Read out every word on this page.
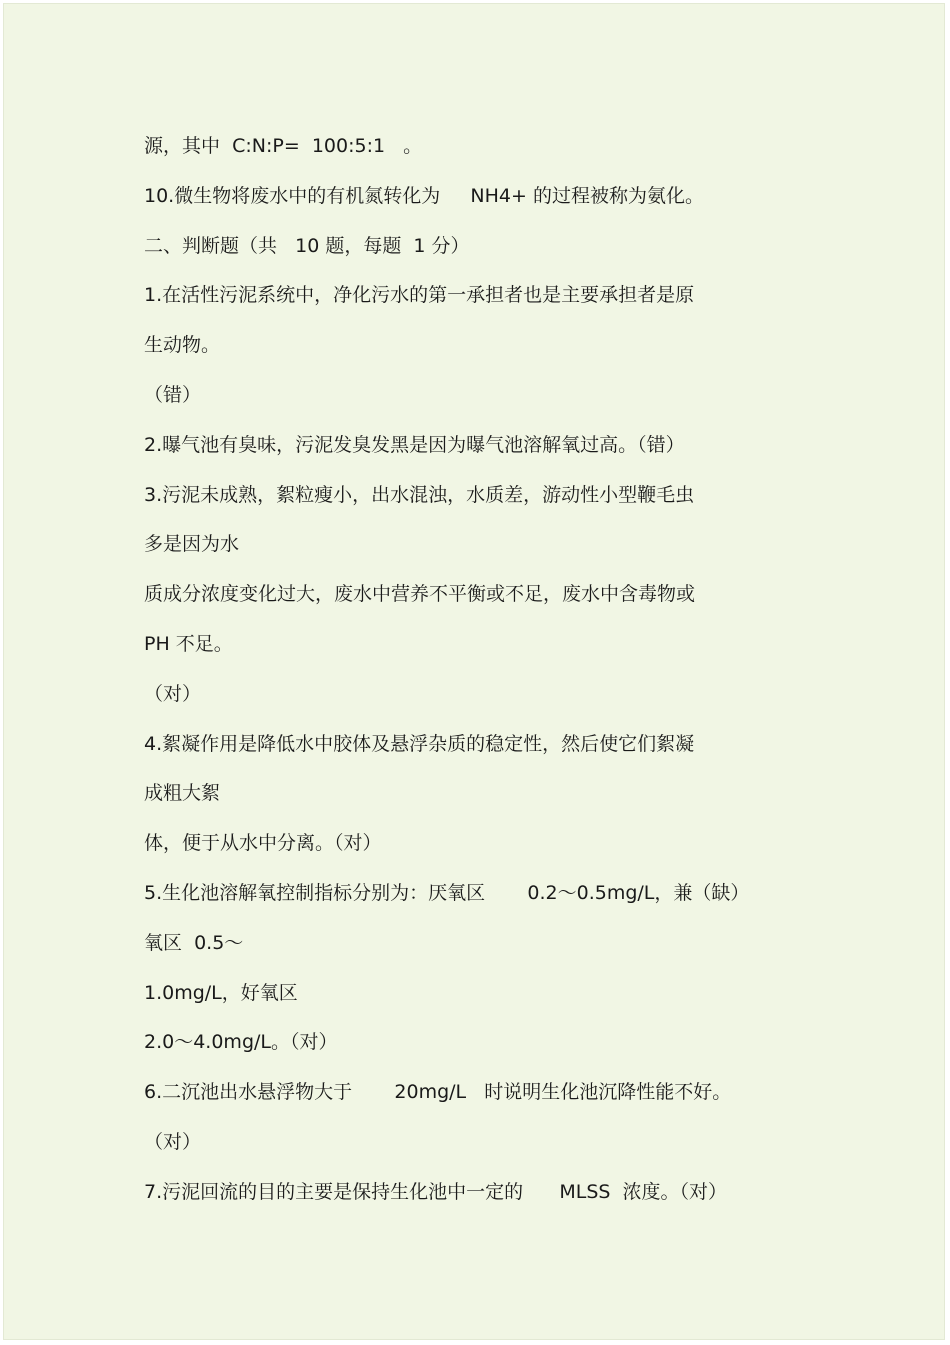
源，其中  C:N:P=  100:5:1   。

10.微生物将废水中的有机氮转化为     NH4+ 的过程被称为氨化。

二、判断题（共   10 题，每题  1 分）

1.在活性污泥系统中，净化污水的第一承担者也是主要承担者是原

生动物。

（错）

2.曝气池有臭味，污泥发臭发黑是因为曝气池溶解氧过高。（错）

3.污泥未成熟，絮粒瘦小，出水混浊，水质差，游动性小型鞭毛虫

多是因为水

质成分浓度变化过大，废水中营养不平衡或不足，废水中含毒物或

PH 不足。

（对）

4.絮凝作用是降低水中胶体及悬浮杂质的稳定性，然后使它们絮凝

成粗大絮

体，便于从水中分离。（对）

5.生化池溶解氧控制指标分别为：厌氧区       0.2～0.5mg/L，兼（缺）

氧区  0.5～

1.0mg/L，好氧区

2.0～4.0mg/L。（对）

6.二沉池出水悬浮物大于       20mg/L   时说明生化池沉降性能不好。

（对）

7.污泥回流的目的主要是保持生化池中一定的      MLSS  浓度。（对）
